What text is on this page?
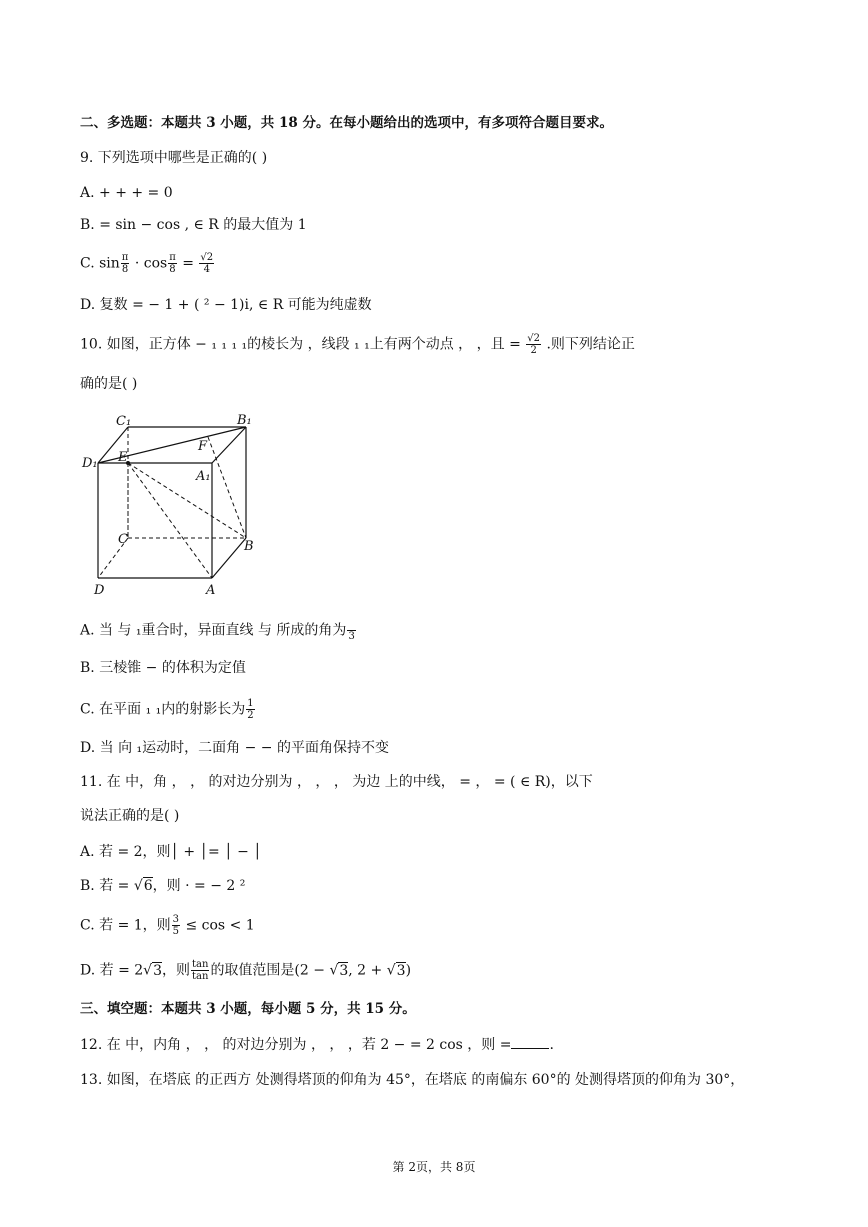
二、多选题：本题共 3 小题，共 18 分。在每小题给出的选项中，有多项符合题目要求。
9. 下列选项中哪些是正确的( )
A. + + + = 0
B. = sin − cos , ∈ R 的最大值为 1
C. $\sin \frac{\pi}{8} \cdot \cos \frac{\pi}{8} = \frac{√2}{4}$
D. 复数 = − 1 + ( ² − 1)i, ∈ R 可能为纯虚数
10. 如图，正方体 − ₁ ₁ ₁ ₁的棱长为 ，线段 ₁ ₁上有两个动点 ， ，且 = $\frac{√2}{2}$ .则下列结论正
确的是( )
C₁	B₁
D₁
A₁
E
F
C	B
D	A
A. 当 与 ₁重合时，异面直线 与 所成的角为
3
B. 三棱锥 − 的体积为定值
C. 在平面 ₁ ₁内的射影长为 $\frac{1}{2}$
D. 当 向 ₁运动时，二面角 − − 的平面角保持不变
11. 在 中，角 ， ， 的对边分别为 ， ， ， 为边 上的中线， = ， = ( ∈ R)，以下
说法正确的是( )
A. 若 = 2，则│ + │= │ − │
B. 若 = √6，则 · = − 2 ²
C. 若 = 1，则 $\frac{3}{5} \le \cos < 1$
D. 若 = 2√3，则 $\frac{\tan}{\tan}$ 的取值范围是(2 − √3, 2 + √3)
三、填空题：本题共 3 小题，每小题 5 分，共 15 分。
12. 在 中，内角 ， ， 的对边分别为 ， ， ，若 2 − = 2 cos ，则 =	.
13. 如图，在塔底 的正西方 处测得塔顶的仰角为 45°，在塔底 的南偏东 60°的 处测得塔顶的仰角为 30°，
第 2页，共 8页
